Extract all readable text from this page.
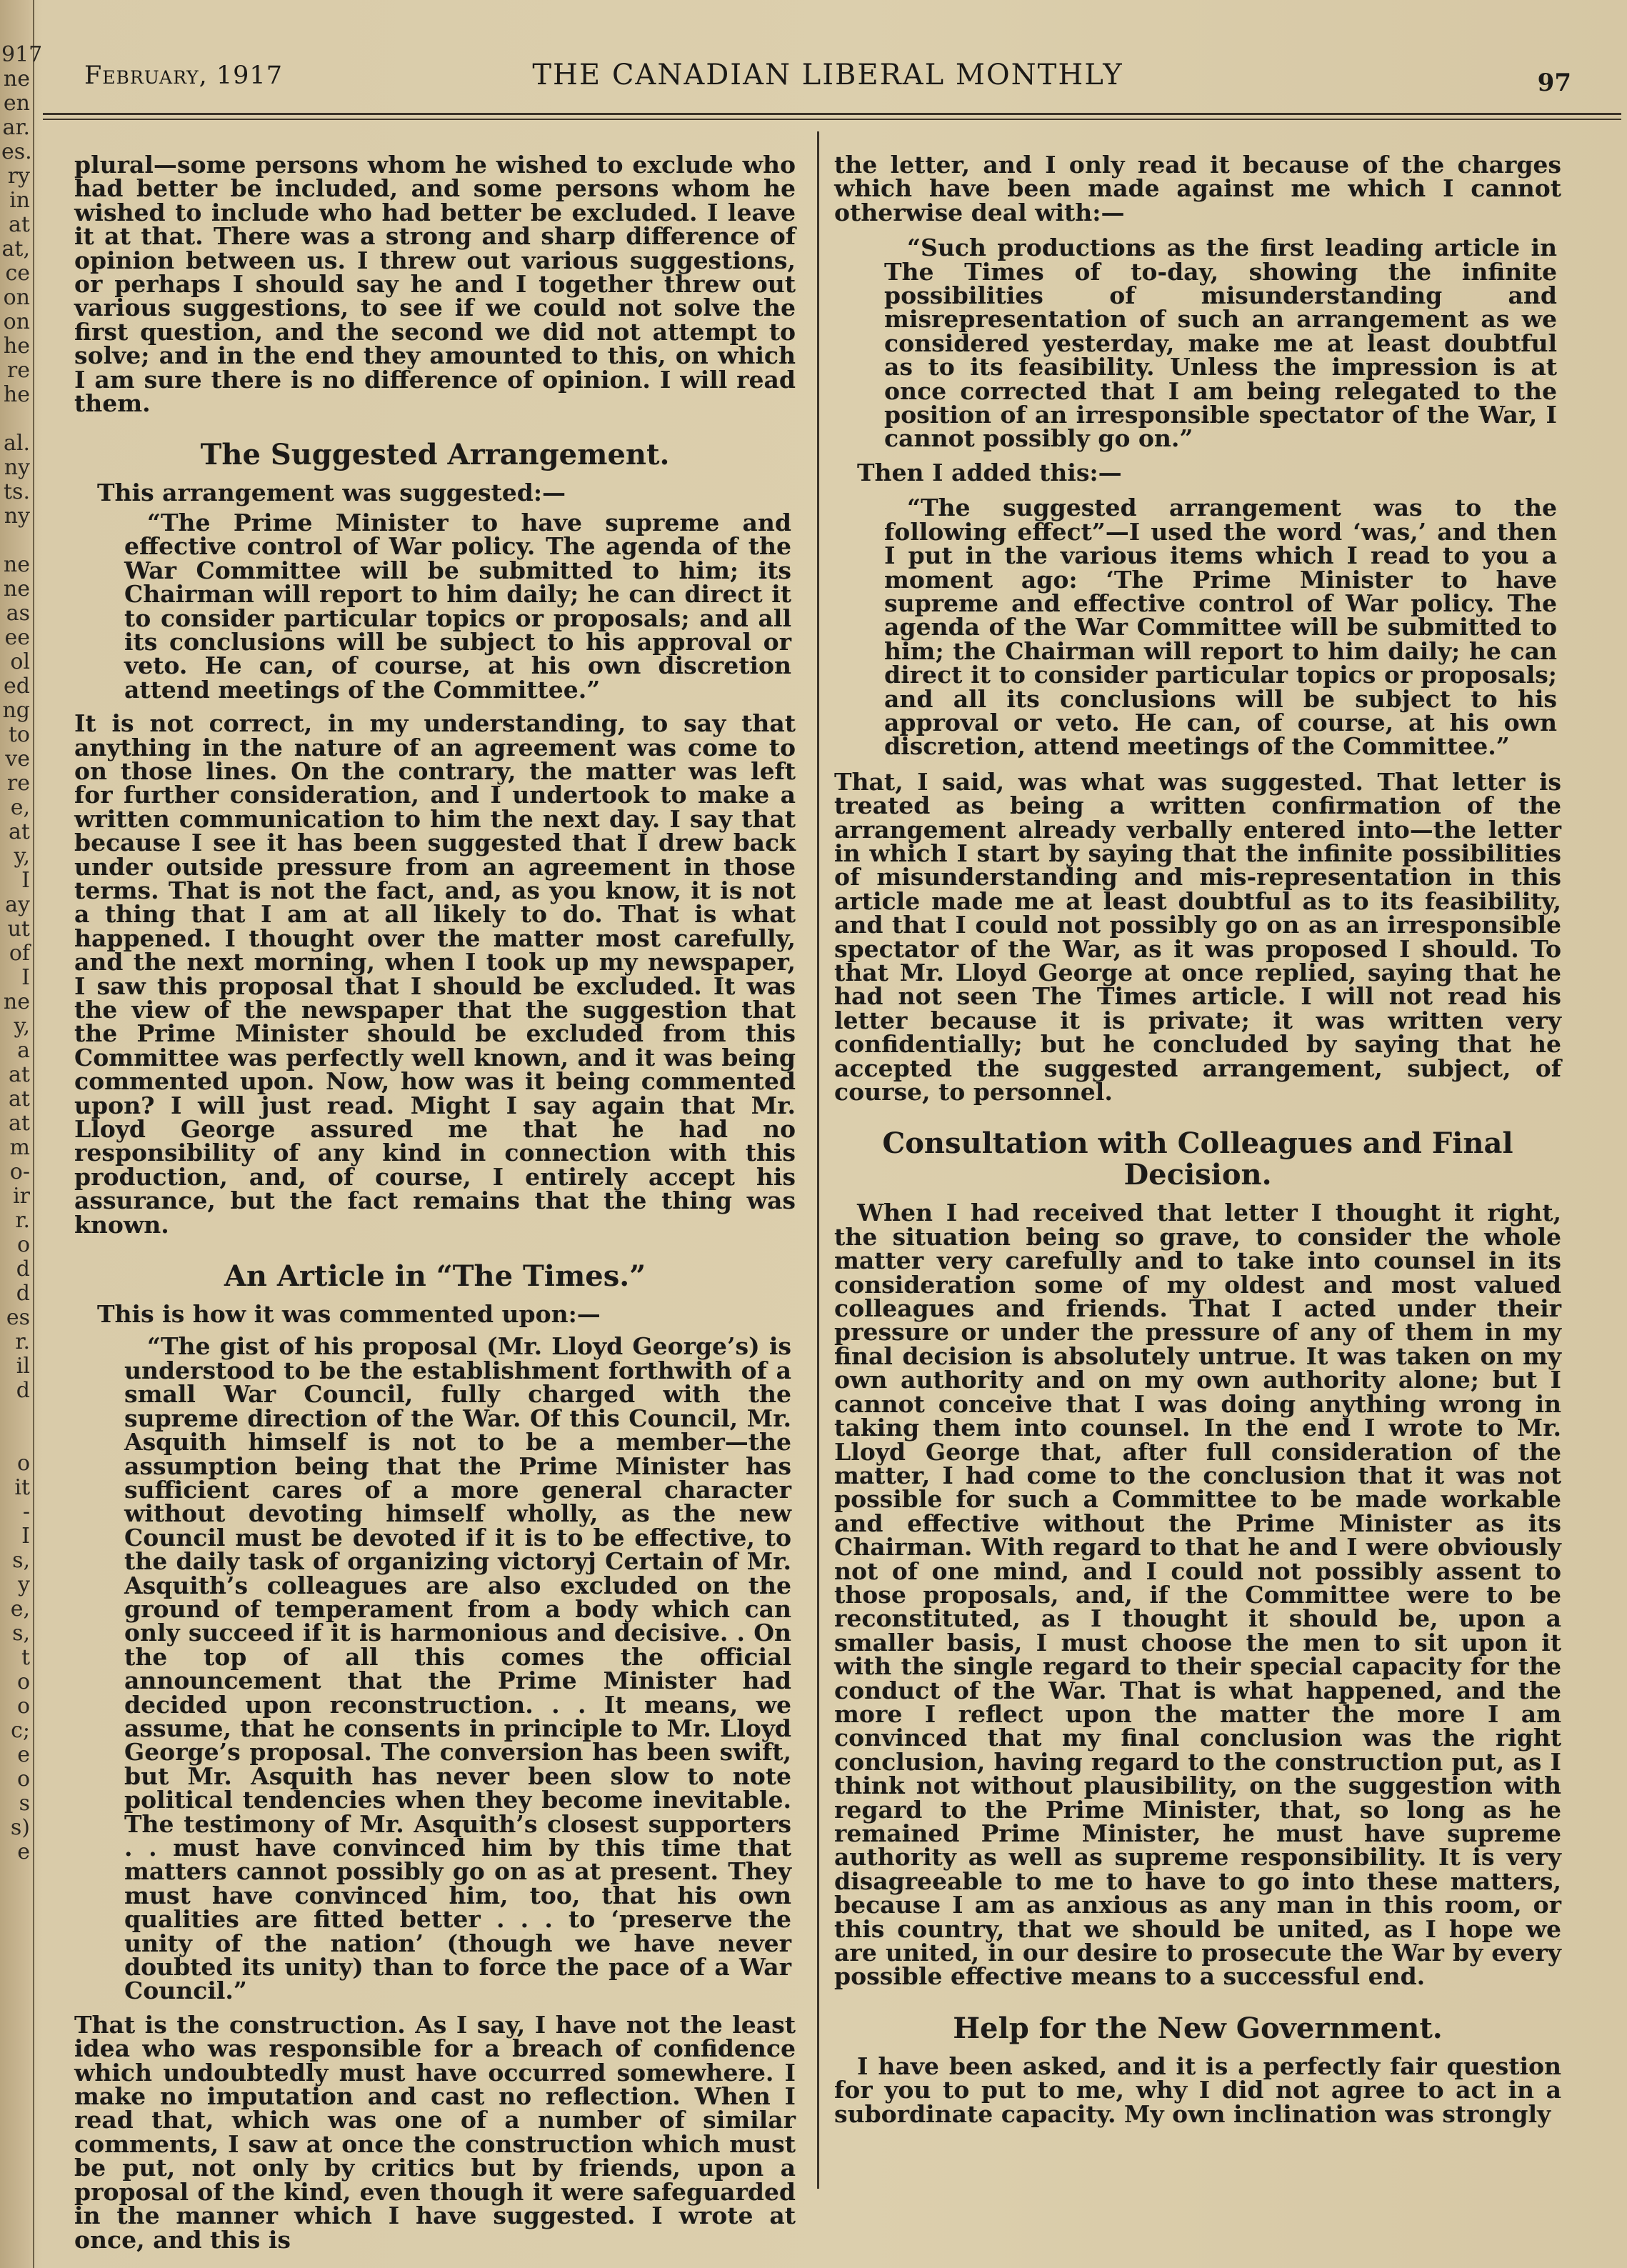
917
ne
en
ar.
es.
ry
in
at
at,
ce
on
on
he
re
he
al.
ny
ts.
ny
ne
ne
as
ee
ol
ed
ng
to
ve
re
e,
at
y,
I
ay
ut
of
I
ne
y,
a
at
at
at
m
o-
ir
r.
o
d
d
es
r.
il
d
o
it
-
I
s,
y
e,
s,
t
o
o
c;
e
o
s
s)
e
February, 1917	THE CANADIAN LIBERAL MONTHLY	97

plural—some persons whom he wished to exclude who had better be included, and some persons whom he wished to include who had better be excluded. I leave it at that. There was a strong and sharp difference of opinion between us. I threw out various suggestions, or perhaps I should say he and I together threw out various suggestions, to see if we could not solve the first question, and the second we did not attempt to solve; and in the end they amounted to this, on which I am sure there is no difference of opinion. I will read them.

The Suggested Arrangement.

This arrangement was suggested:—

“The Prime Minister to have supreme and effective control of War policy. The agenda of the War Committee will be submitted to him; its Chairman will report to him daily; he can direct it to consider particular topics or proposals; and all its conclusions will be subject to his approval or veto. He can, of course, at his own discretion attend meetings of the Committee.”

It is not correct, in my understanding, to say that anything in the nature of an agreement was come to on those lines. On the contrary, the matter was left for further consideration, and I undertook to make a written communication to him the next day. I say that because I see it has been suggested that I drew back under outside pressure from an agreement in those terms. That is not the fact, and, as you know, it is not a thing that I am at all likely to do. That is what happened. I thought over the matter most carefully, and the next morning, when I took up my newspaper, I saw this proposal that I should be excluded. It was the view of the newspaper that the suggestion that the Prime Minister should be excluded from this Committee was perfectly well known, and it was being commented upon. Now, how was it being commented upon? I will just read. Might I say again that Mr. Lloyd George assured me that he had no responsibility of any kind in connection with this production, and, of course, I entirely accept his assurance, but the fact remains that the thing was known.

An Article in “The Times.”

This is how it was commented upon:—

“The gist of his proposal (Mr. Lloyd George’s) is understood to be the establishment forthwith of a small War Council, fully charged with the supreme direction of the War. Of this Council, Mr. Asquith himself is not to be a member—the assumption being that the Prime Minister has sufficient cares of a more general character without devoting himself wholly, as the new Council must be devoted if it is to be effective, to the daily task of organizing victoryj Certain of Mr. Asquith’s colleagues are also excluded on the ground of temperament from a body which can only succeed if it is harmonious and decisive. . On the top of all this comes the official announcement that the Prime Minister had decided upon reconstruction. . . It means, we assume, that he consents in principle to Mr. Lloyd George’s proposal. The conversion has been swift, but Mr. Asquith has never been slow to note political tendencies when they become inevitable. The testimony of Mr. Asquith’s closest supporters . . must have convinced him by this time that matters cannot possibly go on as at present. They must have convinced him, too, that his own qualities are fitted better . . . to ‘preserve the unity of the nation’ (though we have never doubted its unity) than to force the pace of a War Council.”

That is the construction. As I say, I have not the least idea who was responsible for a breach of confidence which undoubtedly must have occurred somewhere. I make no imputation and cast no reflection. When I read that, which was one of a number of similar comments, I saw at once the construction which must be put, not only by critics but by friends, upon a proposal of the kind, even though it were safeguarded in the manner which I have suggested. I wrote at once, and this is

the letter, and I only read it because of the charges which have been made against me which I cannot otherwise deal with:—

“Such productions as the first leading article in The Times of to-day, showing the infinite possibilities of misunderstanding and misrepresentation of such an arrangement as we considered yesterday, make me at least doubtful as to its feasibility. Unless the impression is at once corrected that I am being relegated to the position of an irresponsible spectator of the War, I cannot possibly go on.”

Then I added this:—

“The suggested arrangement was to the following effect”—I used the word ‘was,’ and then I put in the various items which I read to you a moment ago: ‘The Prime Minister to have supreme and effective control of War policy. The agenda of the War Committee will be submitted to him; the Chairman will report to him daily; he can direct it to consider particular topics or proposals; and all its conclusions will be subject to his approval or veto. He can, of course, at his own discretion, attend meetings of the Committee.”

That, I said, was what was suggested. That letter is treated as being a written confirmation of the arrangement already verbally entered into—the letter in which I start by saying that the infinite possibilities of misunderstanding and mis-representation in this article made me at least doubtful as to its feasibility, and that I could not possibly go on as an irresponsible spectator of the War, as it was proposed I should. To that Mr. Lloyd George at once replied, saying that he had not seen The Times article. I will not read his letter because it is private; it was written very confidentially; but he concluded by saying that he accepted the suggested arrangement, subject, of course, to personnel.

Consultation with Colleagues and Final Decision.

When I had received that letter I thought it right, the situation being so grave, to consider the whole matter very carefully and to take into counsel in its consideration some of my oldest and most valued colleagues and friends. That I acted under their pressure or under the pressure of any of them in my final decision is absolutely untrue. It was taken on my own authority and on my own authority alone; but I cannot conceive that I was doing anything wrong in taking them into counsel. In the end I wrote to Mr. Lloyd George that, after full consideration of the matter, I had come to the conclusion that it was not possible for such a Committee to be made workable and effective without the Prime Minister as its Chairman. With regard to that he and I were obviously not of one mind, and I could not possibly assent to those proposals, and, if the Committee were to be reconstituted, as I thought it should be, upon a smaller basis, I must choose the men to sit upon it with the single regard to their special capacity for the conduct of the War. That is what happened, and the more I reflect upon the matter the more I am convinced that my final conclusion was the right conclusion, having regard to the construction put, as I think not without plausibility, on the suggestion with regard to the Prime Minister, that, so long as he remained Prime Minister, he must have supreme authority as well as supreme responsibility. It is very disagreeable to me to have to go into these matters, because I am as anxious as any man in this room, or this country, that we should be united, as I hope we are united, in our desire to prosecute the War by every possible effective means to a successful end.

Help for the New Government.

I have been asked, and it is a perfectly fair question for you to put to me, why I did not agree to act in a subordinate capacity. My own inclination was strongly
